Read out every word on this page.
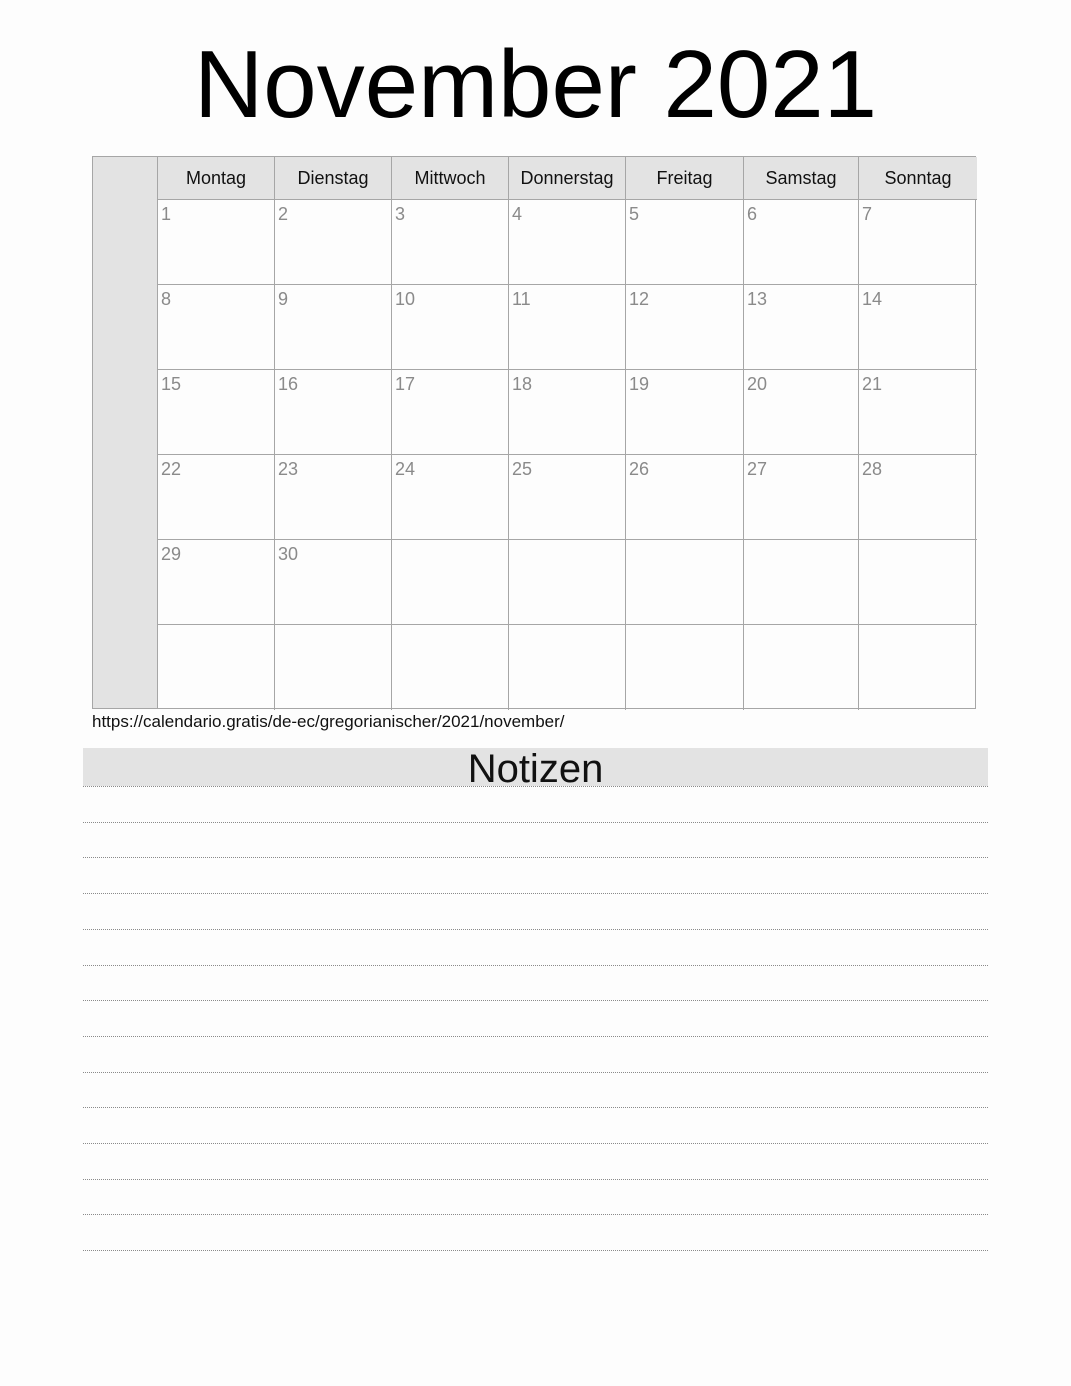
November 2021
Montag	Dienstag	Mittwoch	Donnerstag	Freitag	Samstag	Sonntag
1	2	3	4	5	6	7
8	9	10	11	12	13	14
15	16	17	18	19	20	21
22	23	24	25	26	27	28
29	30
https://calendario.gratis/de-ec/gregorianischer/2021/november/
Notizen
